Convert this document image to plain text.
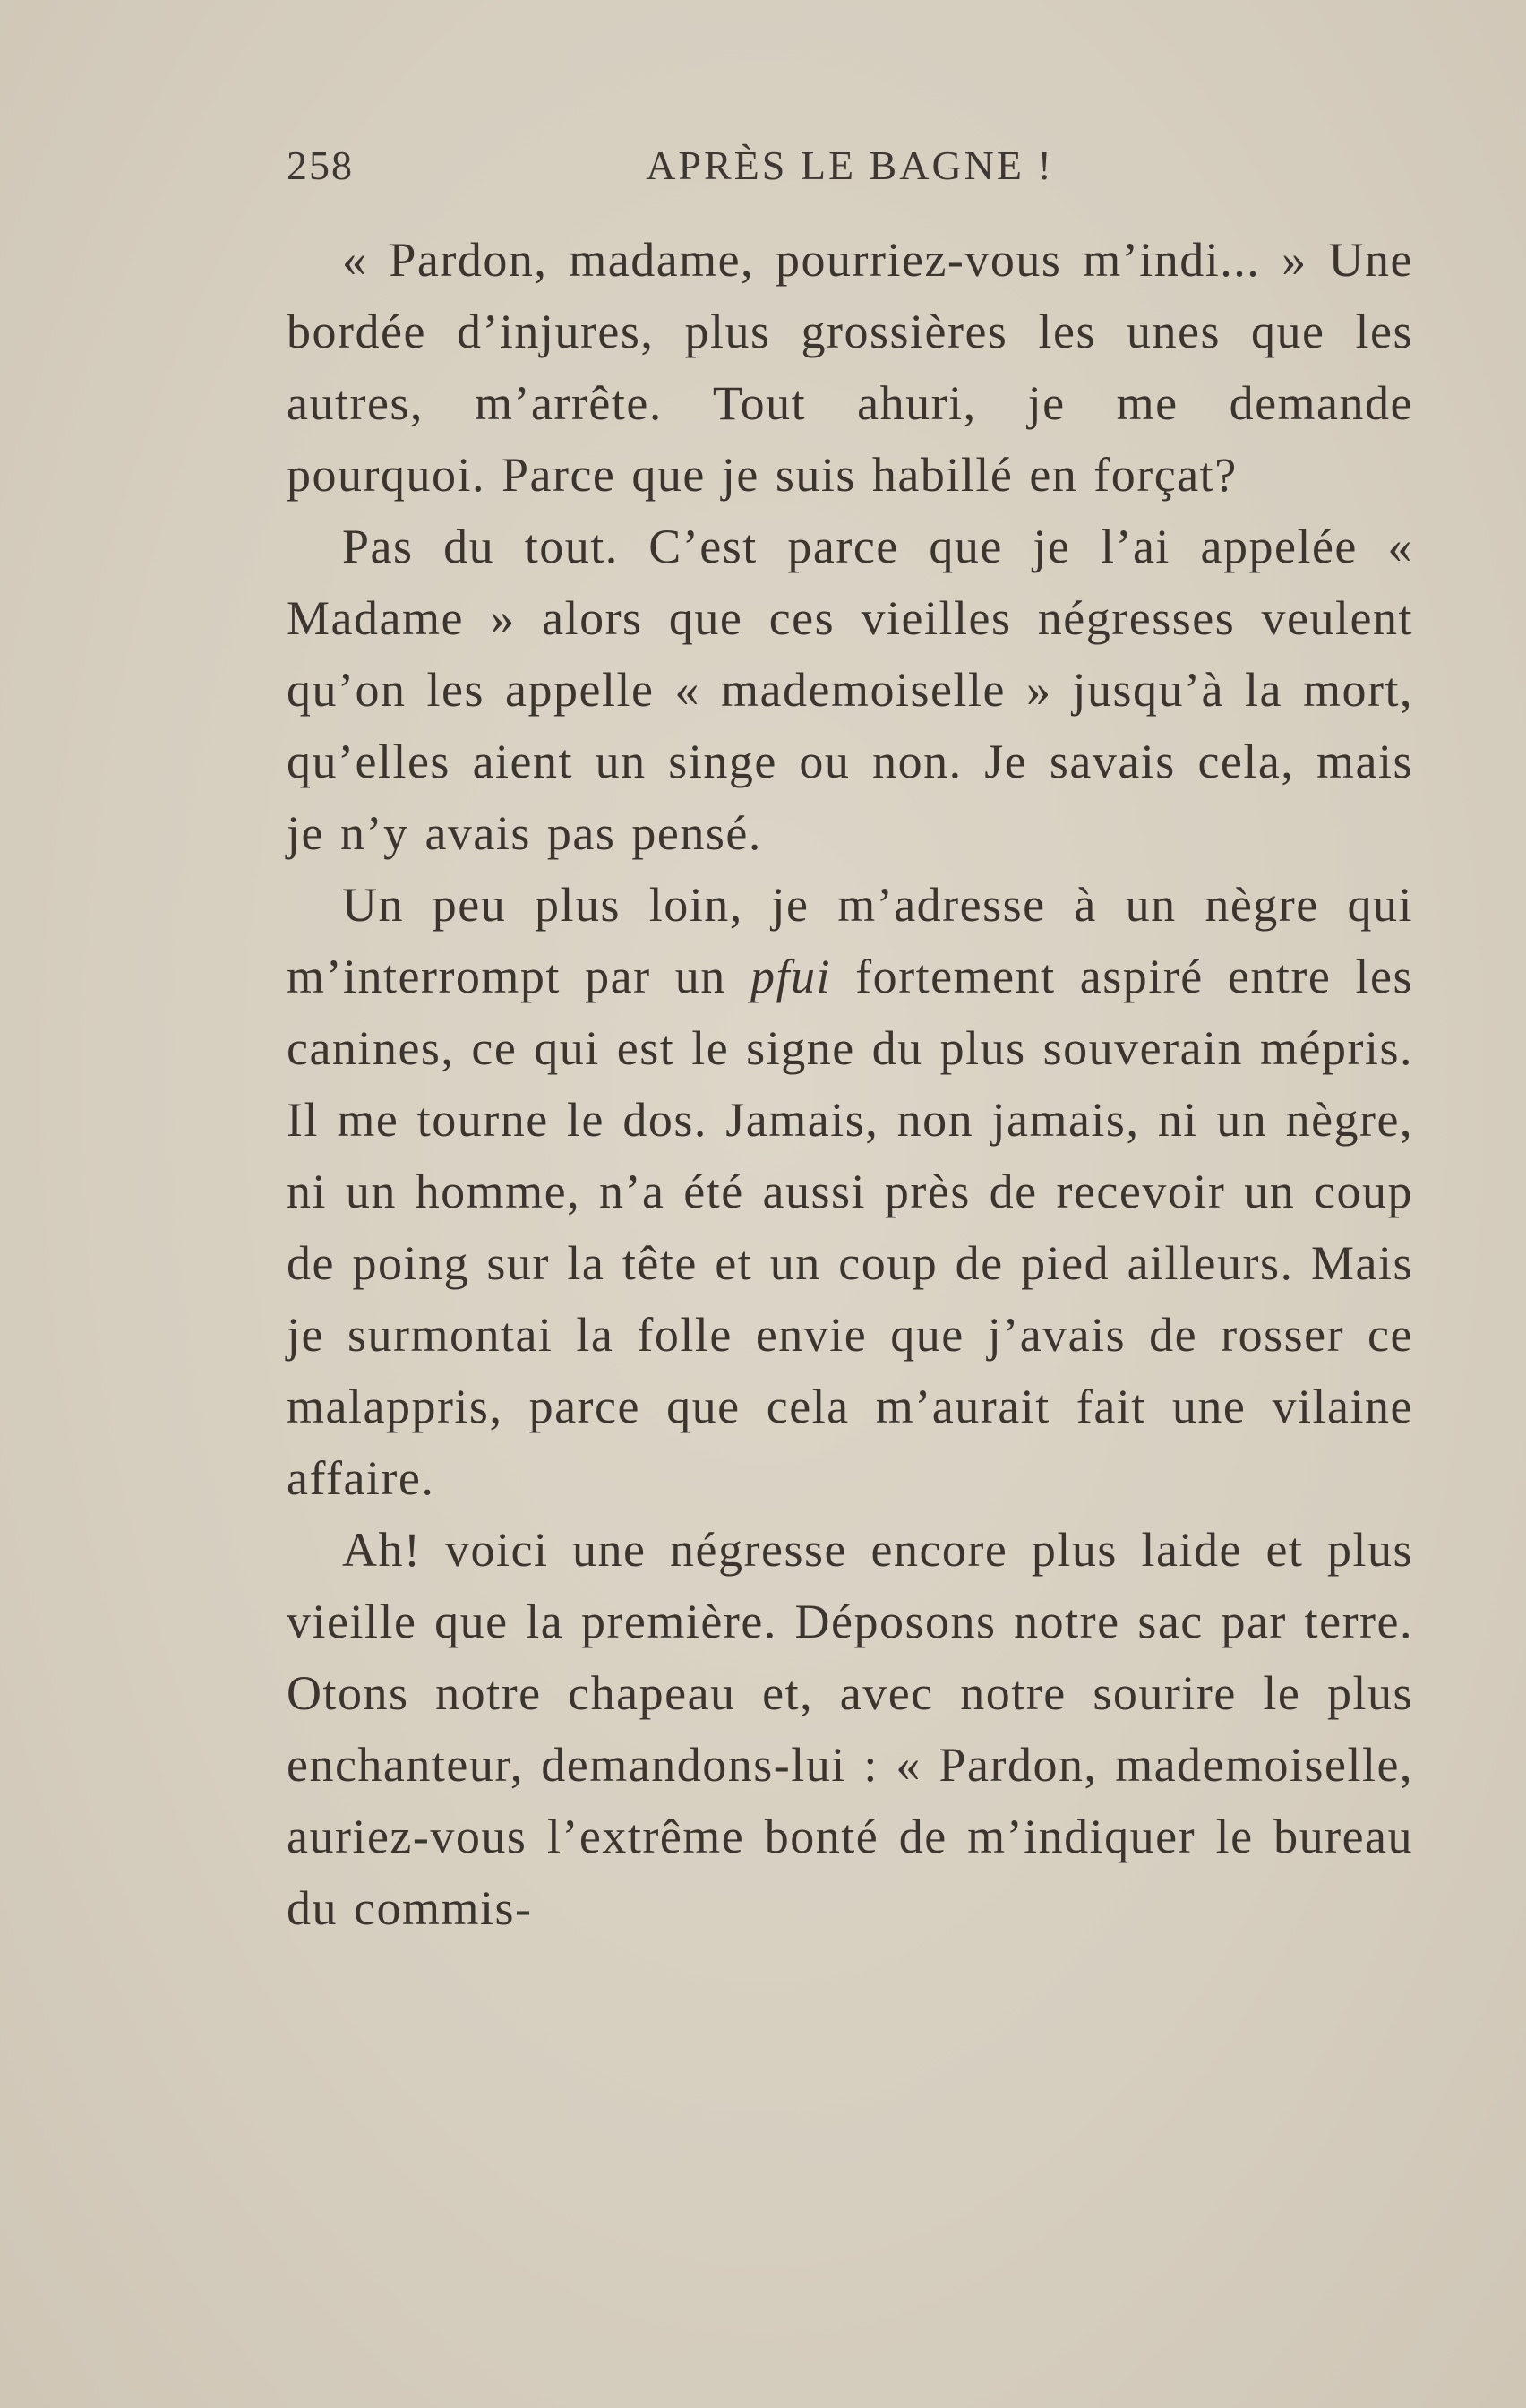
258	APRÈS LE BAGNE !

« Pardon, madame, pourriez-vous m’indi... » Une bordée d’injures, plus grossières les unes que les autres, m’arrête. Tout ahuri, je me demande pourquoi. Parce que je suis habillé en forçat?

Pas du tout. C’est parce que je l’ai appelée « Madame » alors que ces vieilles négresses veulent qu’on les appelle « mademoiselle » jusqu’à la mort, qu’elles aient un singe ou non. Je savais cela, mais je n’y avais pas pensé.

Un peu plus loin, je m’adresse à un nègre qui m’interrompt par un pfui fortement aspiré entre les canines, ce qui est le signe du plus souverain mépris. Il me tourne le dos. Jamais, non jamais, ni un nègre, ni un homme, n’a été aussi près de recevoir un coup de poing sur la tête et un coup de pied ailleurs. Mais je surmontai la folle envie que j’avais de rosser ce malappris, parce que cela m’aurait fait une vilaine affaire.

Ah! voici une négresse encore plus laide et plus vieille que la première. Déposons notre sac par terre. Otons notre chapeau et, avec notre sourire le plus enchanteur, demandons-lui : « Pardon, mademoiselle, auriez-vous l’extrême bonté de m’indiquer le bureau du commis-
